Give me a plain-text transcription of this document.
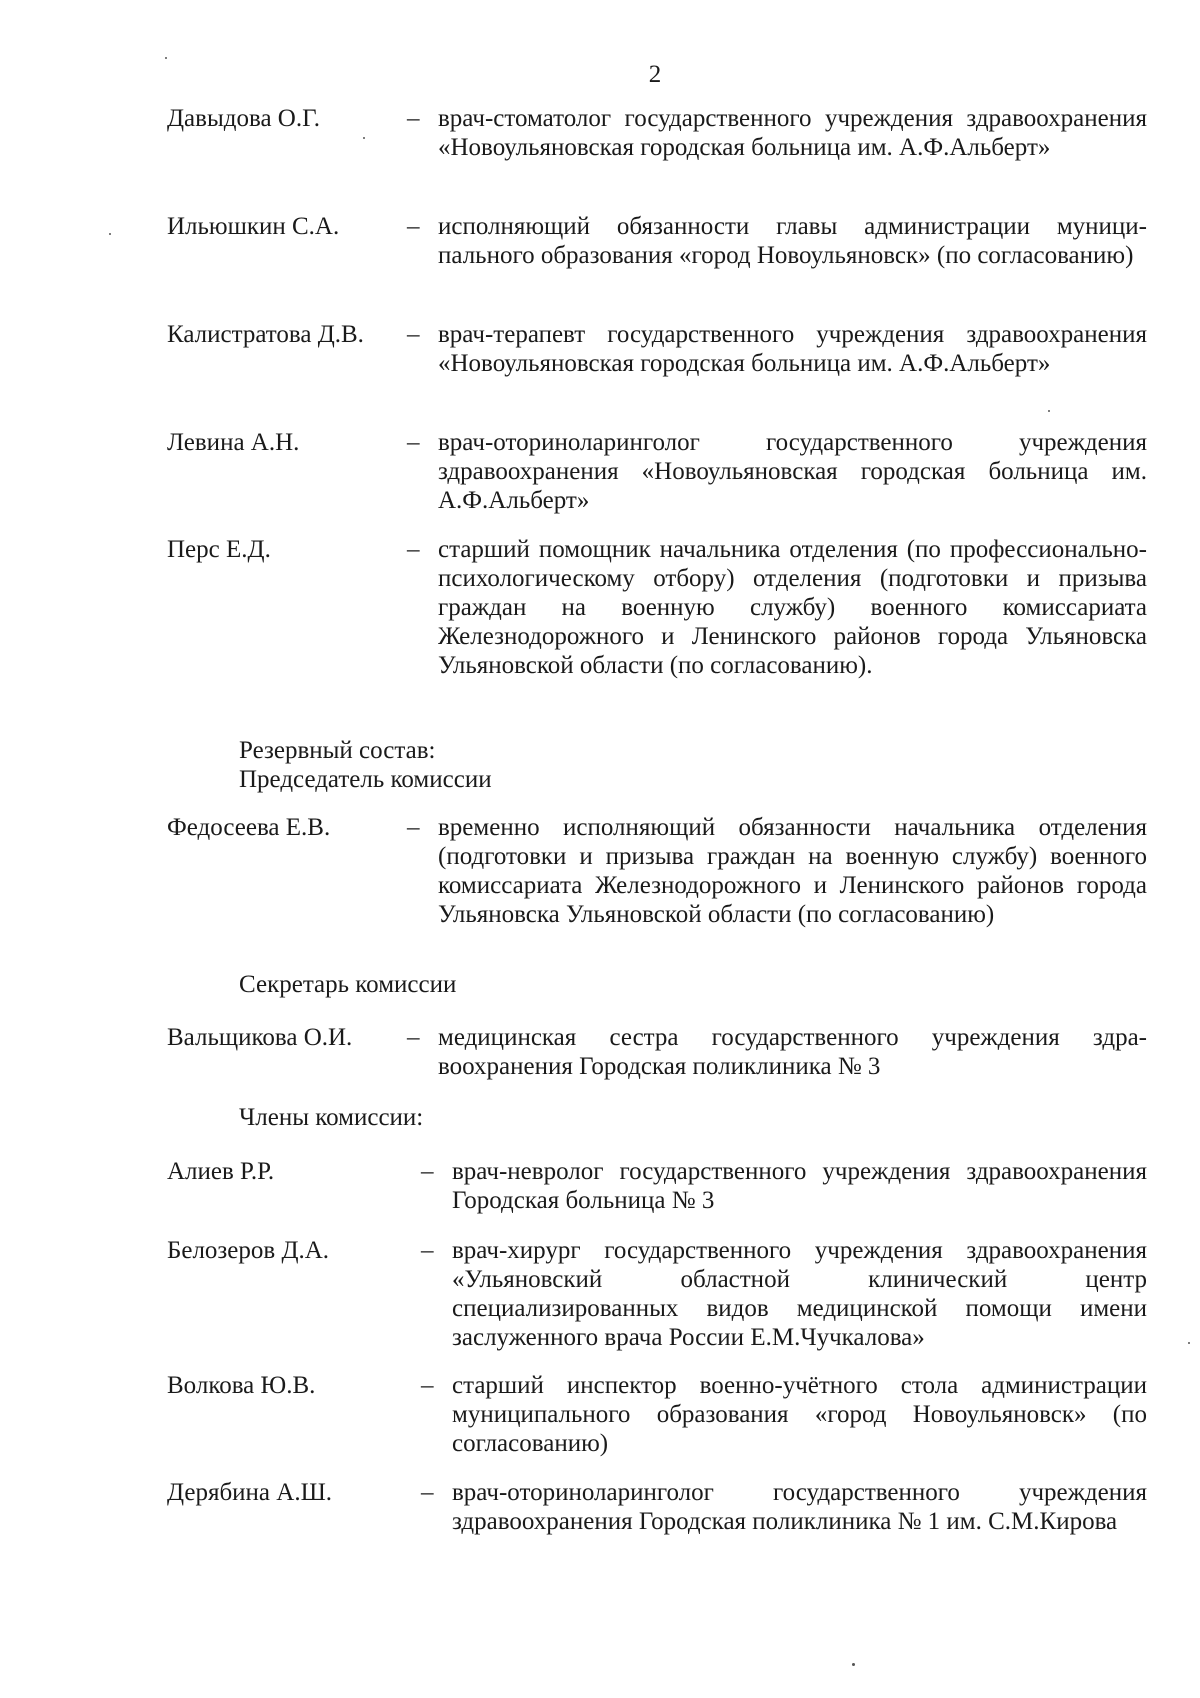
2
Давыдова О.Г.	– врач-стоматолог государственного учреждения здравоохранения «Новоульяновская городская больница им. А.Ф.Альберт»
Ильюшкин С.А.	– исполняющий обязанности главы администрации муниципального образования «город Новоульяновск» (по согласованию)
Калистратова Д.В. – врач-терапевт государственного учреждения здравоохранения «Новоульяновская городская больница им. А.Ф.Альберт»
Левина А.Н.	– врач-оториноларинголог государственного учреждения здравоохранения «Новоульяновская городская больница им. А.Ф.Альберт»
Перс Е.Д.	– старший помощник начальника отделения (по профессионально-психологическому отбору) отделения (подготовки и призыва граждан на военную службу) военного комиссариата Железнодорожного и Ленинского районов города Ульяновска Ульяновской области (по согласованию).
Резервный состав:
Председатель комиссии
Федосеева Е.В.	– временно исполняющий обязанности начальника отделения (подготовки и призыва граждан на военную службу) военного комиссариата Железнодорожного и Ленинского районов города Ульяновска Ульяновской области (по согласованию)
Секретарь комиссии
Вальщикова О.И. – медицинская сестра государственного учреждения здравоохранения Городская поликлиника № 3
Члены комиссии:
Алиев Р.Р.	– врач-невролог государственного учреждения здравоохранения Городская больница № 3
Белозеров Д.А.	– врач-хирург государственного учреждения здравоохранения «Ульяновский областной клинический центр специализированных видов медицинской помощи имени заслуженного врача России Е.М.Чучкалова»
Волкова Ю.В.	– старший инспектор военно-учётного стола администрации муниципального образования «город Новоульяновск» (по согласованию)
Дерябина А.Ш.	– врач-оториноларинголог государственного учреждения здравоохранения Городская поликлиника № 1 им. С.М.Кирова
